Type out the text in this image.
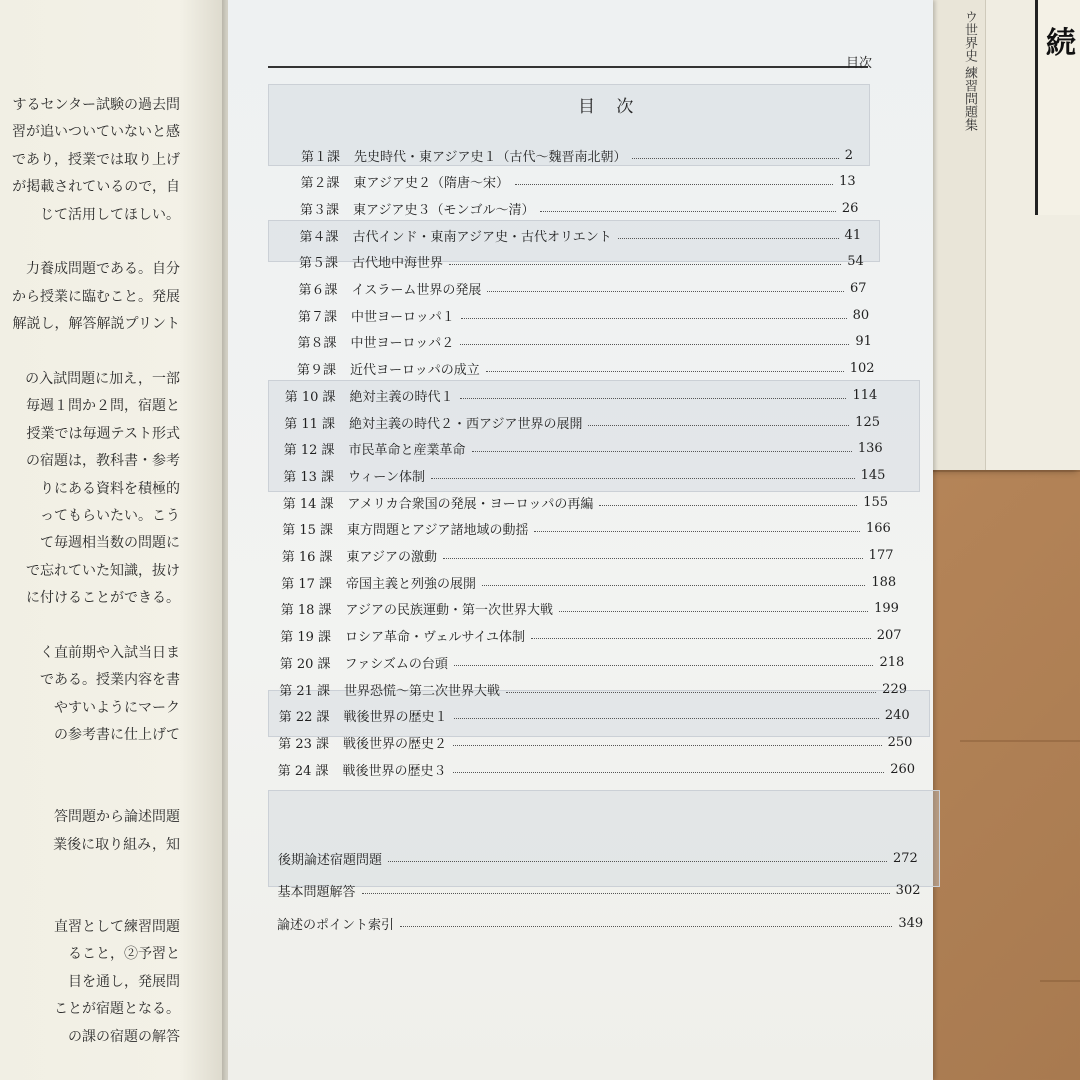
するセンター試験の過去問
習が追いついていないと感
であり，授業では取り上げ
が掲載されているので，自
じて活用してほしい。
力養成問題である。自分
から授業に臨むこと。発展
解説し，解答解説プリント
の入試問題に加え，一部
毎週１問か２問，宿題と
授業では毎週テスト形式
の宿題は，教科書・参考
りにある資料を積極的
ってもらいたい。こう
て毎週相当数の問題に
で忘れていた知識，抜け
に付けることができる。
く直前期や入試当日ま
である。授業内容を書
やすいようにマーク
の参考書に仕上げて
答問題から論述問題
業後に取り組み，知
直習として練習問題
ること，②予習と
目を通し，発展問
ことが宿題となる。
の課の宿題の解答
ウ世界史 練習問題集 続
目次
目 次
第１課 先史時代・東アジア史１（古代～魏晋南北朝）	2
第２課 東アジア史２（隋唐～宋）	13
第３課 東アジア史３（モンゴル～清）	26
第４課 古代インド・東南アジア史・古代オリエント	41
第５課 古代地中海世界	54
第６課 イスラーム世界の発展	67
第７課 中世ヨーロッパ１	80
第８課 中世ヨーロッパ２	91
第９課 近代ヨーロッパの成立	102
第 10 課 絶対主義の時代１	114
第 11 課 絶対主義の時代２・西アジア世界の展開	125
第 12 課 市民革命と産業革命	136
第 13 課 ウィーン体制	145
第 14 課 アメリカ合衆国の発展・ヨーロッパの再編	155
第 15 課 東方問題とアジア諸地域の動揺	166
第 16 課 東アジアの激動	177
第 17 課 帝国主義と列強の展開	188
第 18 課 アジアの民族運動・第一次世界大戦	199
第 19 課 ロシア革命・ヴェルサイユ体制	207
第 20 課 ファシズムの台頭	218
第 21 課 世界恐慌～第二次世界大戦	229
第 22 課 戦後世界の歴史１	240
第 23 課 戦後世界の歴史２	250
第 24 課 戦後世界の歴史３	260
後期論述宿題問題	272
基本問題解答	302
論述のポイント索引	349
